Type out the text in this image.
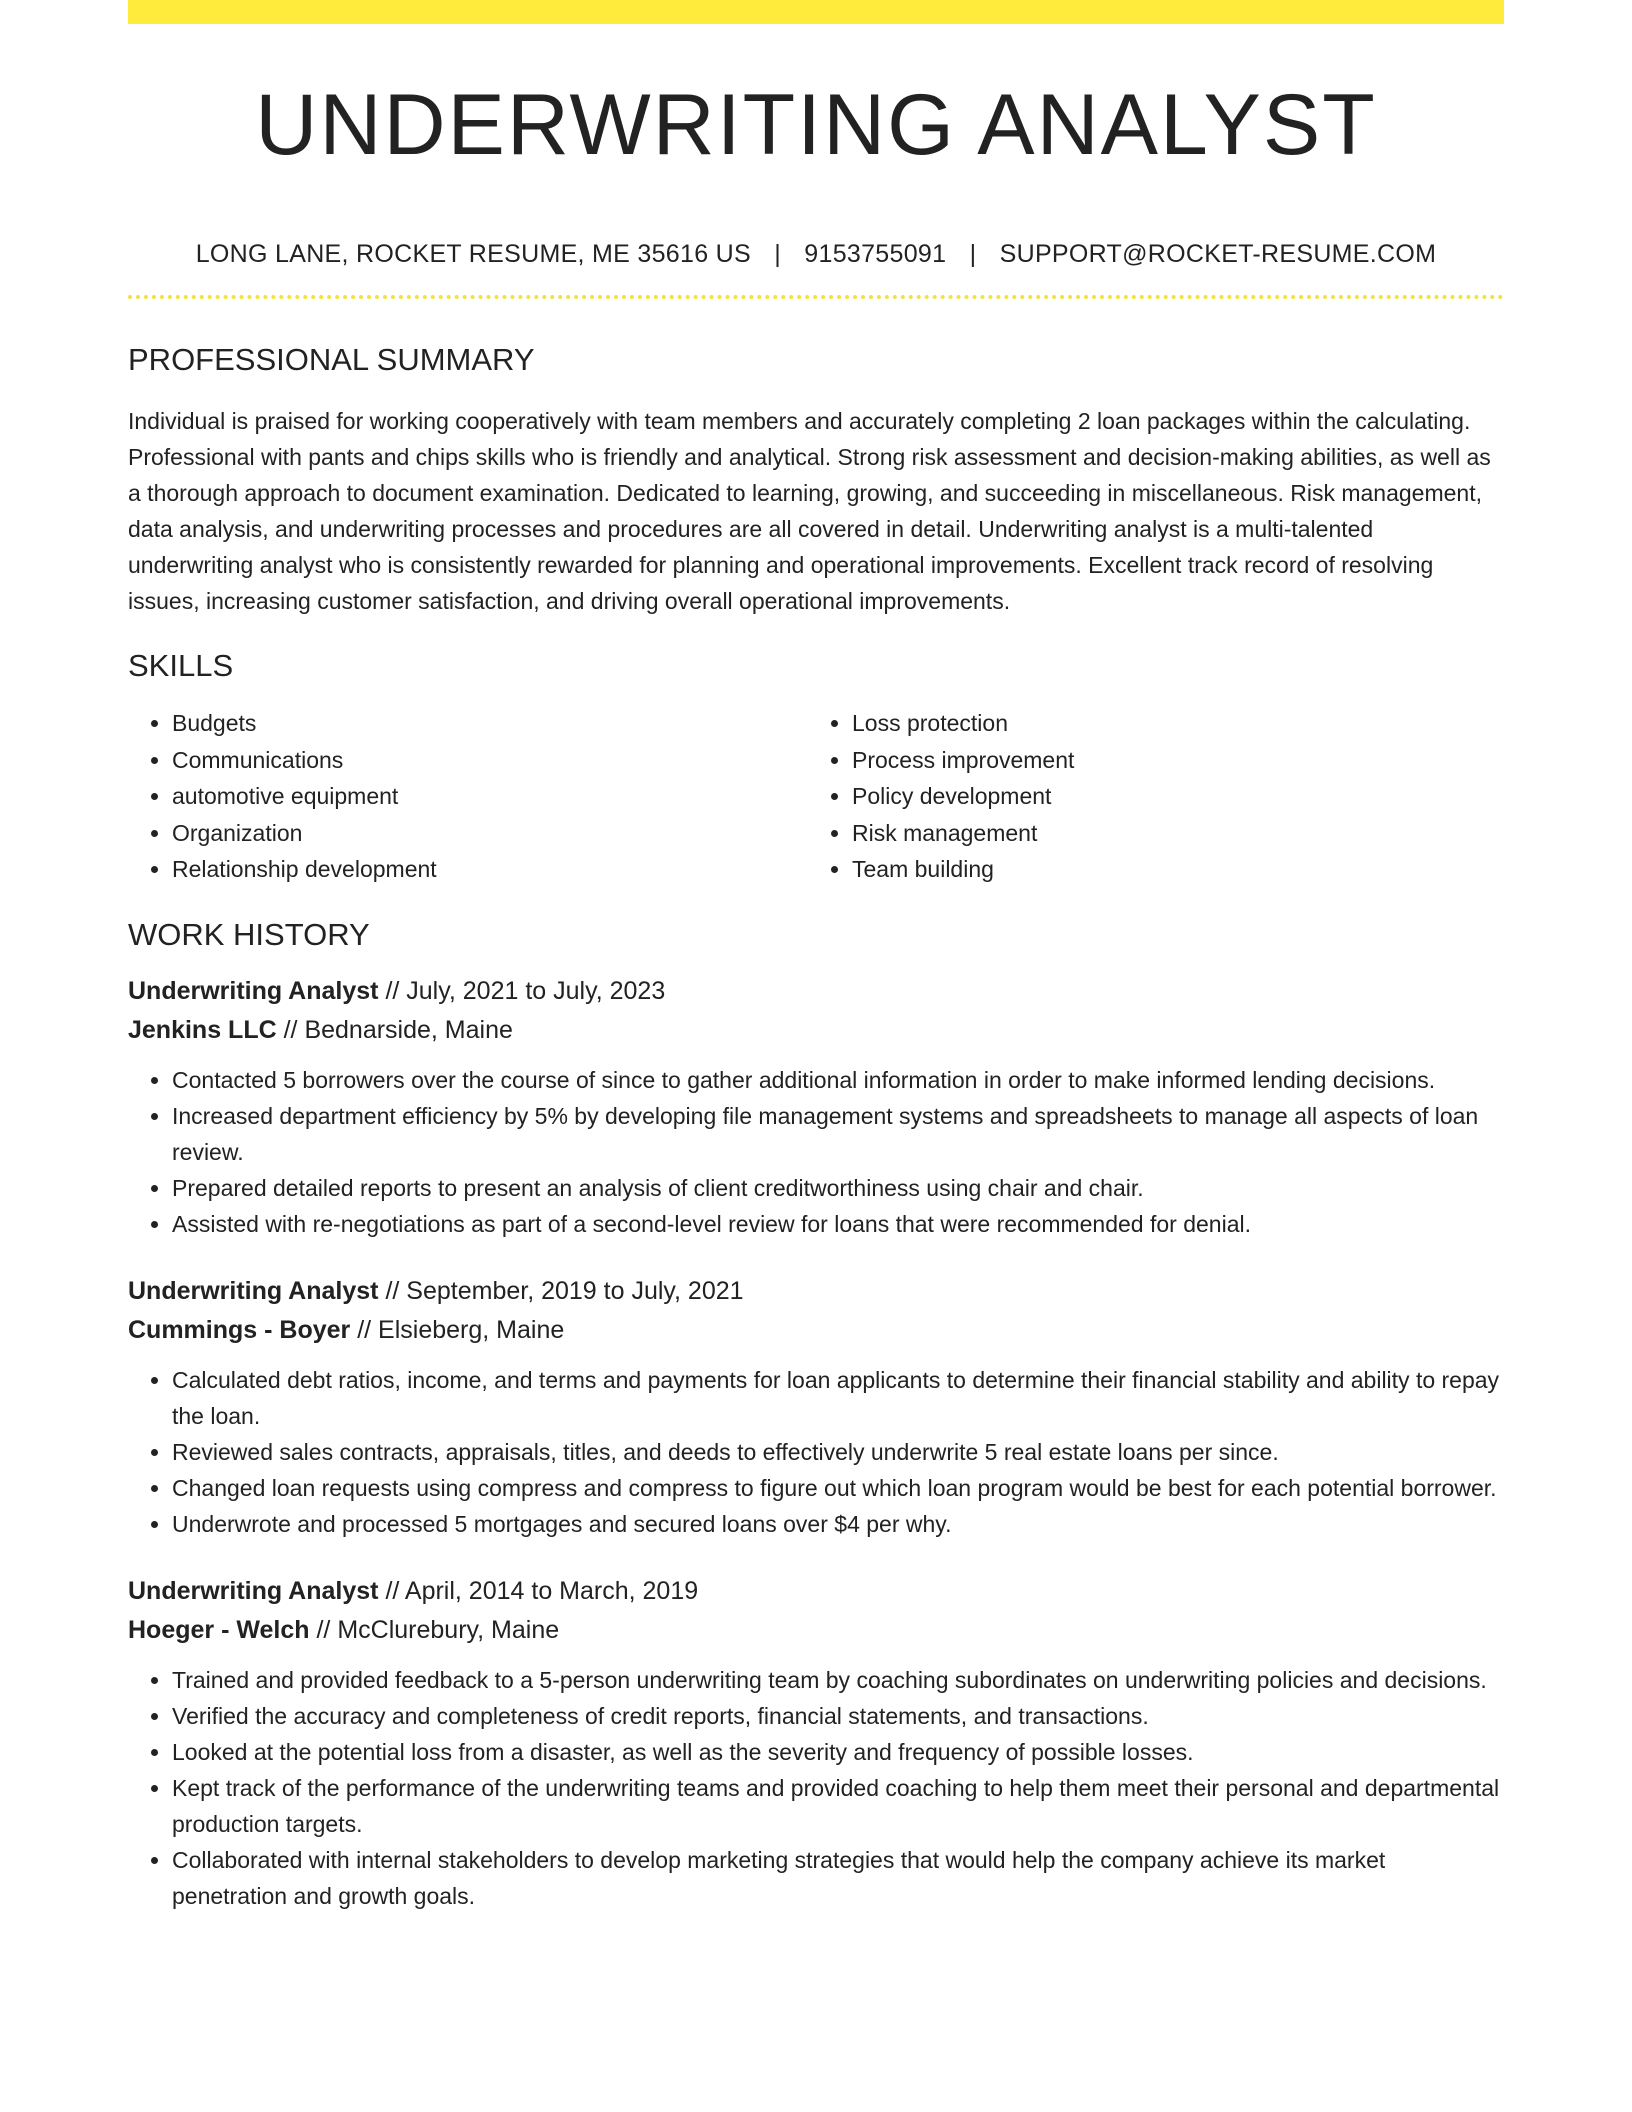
UNDERWRITING ANALYST
LONG LANE, ROCKET RESUME, ME 35616 US | 9153755091 | SUPPORT@ROCKET-RESUME.COM
PROFESSIONAL SUMMARY
Individual is praised for working cooperatively with team members and accurately completing 2 loan packages within the calculating. Professional with pants and chips skills who is friendly and analytical. Strong risk assessment and decision-making abilities, as well as a thorough approach to document examination. Dedicated to learning, growing, and succeeding in miscellaneous. Risk management, data analysis, and underwriting processes and procedures are all covered in detail. Underwriting analyst is a multi-talented underwriting analyst who is consistently rewarded for planning and operational improvements. Excellent track record of resolving issues, increasing customer satisfaction, and driving overall operational improvements.
SKILLS
• Budgets
• Communications
• automotive equipment
• Organization
• Relationship development
• Loss protection
• Process improvement
• Policy development
• Risk management
• Team building
WORK HISTORY
Underwriting Analyst // July, 2021 to July, 2023
Jenkins LLC // Bednarside, Maine
• Contacted 5 borrowers over the course of since to gather additional information in order to make informed lending decisions.
• Increased department efficiency by 5% by developing file management systems and spreadsheets to manage all aspects of loan review.
• Prepared detailed reports to present an analysis of client creditworthiness using chair and chair.
• Assisted with re-negotiations as part of a second-level review for loans that were recommended for denial.
Underwriting Analyst // September, 2019 to July, 2021
Cummings - Boyer // Elsieberg, Maine
• Calculated debt ratios, income, and terms and payments for loan applicants to determine their financial stability and ability to repay the loan.
• Reviewed sales contracts, appraisals, titles, and deeds to effectively underwrite 5 real estate loans per since.
• Changed loan requests using compress and compress to figure out which loan program would be best for each potential borrower.
• Underwrote and processed 5 mortgages and secured loans over $4 per why.
Underwriting Analyst // April, 2014 to March, 2019
Hoeger - Welch // McClurebury, Maine
• Trained and provided feedback to a 5-person underwriting team by coaching subordinates on underwriting policies and decisions.
• Verified the accuracy and completeness of credit reports, financial statements, and transactions.
• Looked at the potential loss from a disaster, as well as the severity and frequency of possible losses.
• Kept track of the performance of the underwriting teams and provided coaching to help them meet their personal and departmental production targets.
• Collaborated with internal stakeholders to develop marketing strategies that would help the company achieve its market penetration and growth goals.
